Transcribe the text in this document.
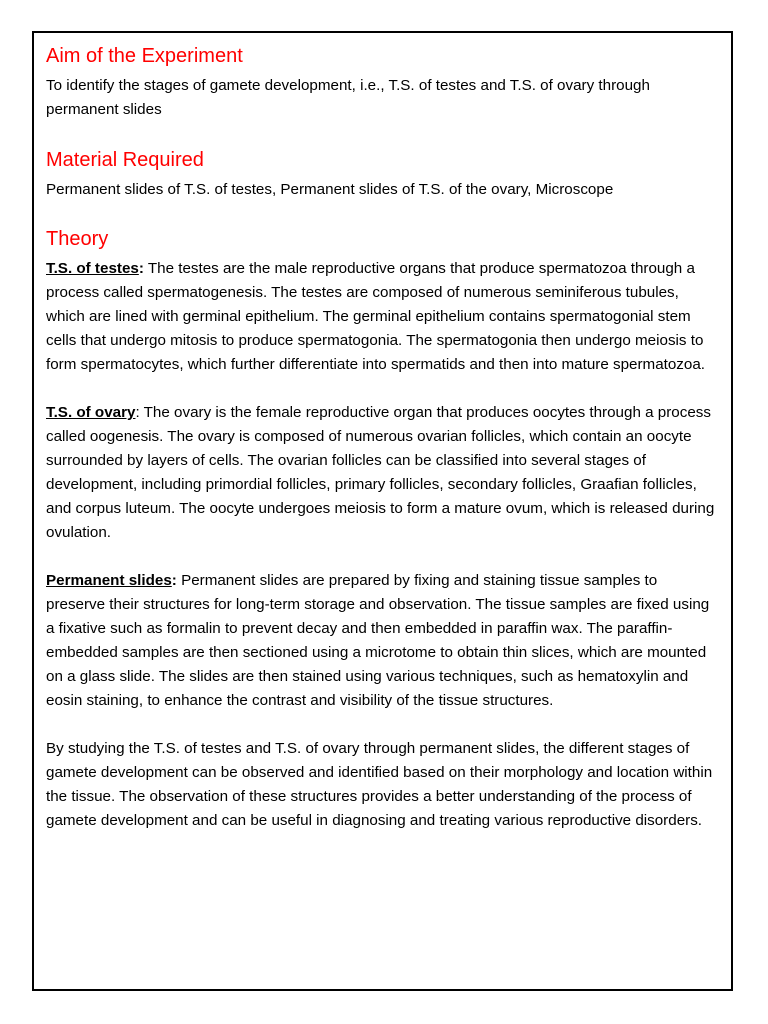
Aim of the Experiment

To identify the stages of gamete development, i.e., T.S. of testes and T.S. of ovary through permanent slides

Material Required

Permanent slides of T.S. of testes, Permanent slides of T.S. of the ovary, Microscope

Theory

T.S. of testes: The testes are the male reproductive organs that produce spermatozoa through a process called spermatogenesis. The testes are composed of numerous seminiferous tubules, which are lined with germinal epithelium. The germinal epithelium contains spermatogonial stem cells that undergo mitosis to produce spermatogonia. The spermatogonia then undergo meiosis to form spermatocytes, which further differentiate into spermatids and then into mature spermatozoa.

T.S. of ovary: The ovary is the female reproductive organ that produces oocytes through a process called oogenesis. The ovary is composed of numerous ovarian follicles, which contain an oocyte surrounded by layers of cells. The ovarian follicles can be classified into several stages of development, including primordial follicles, primary follicles, secondary follicles, Graafian follicles, and corpus luteum. The oocyte undergoes meiosis to form a mature ovum, which is released during ovulation.

Permanent slides: Permanent slides are prepared by fixing and staining tissue samples to preserve their structures for long-term storage and observation. The tissue samples are fixed using a fixative such as formalin to prevent decay and then embedded in paraffin wax. The paraffin-embedded samples are then sectioned using a microtome to obtain thin slices, which are mounted on a glass slide. The slides are then stained using various techniques, such as hematoxylin and eosin staining, to enhance the contrast and visibility of the tissue structures.

By studying the T.S. of testes and T.S. of ovary through permanent slides, the different stages of gamete development can be observed and identified based on their morphology and location within the tissue. The observation of these structures provides a better understanding of the process of gamete development and can be useful in diagnosing and treating various reproductive disorders.
